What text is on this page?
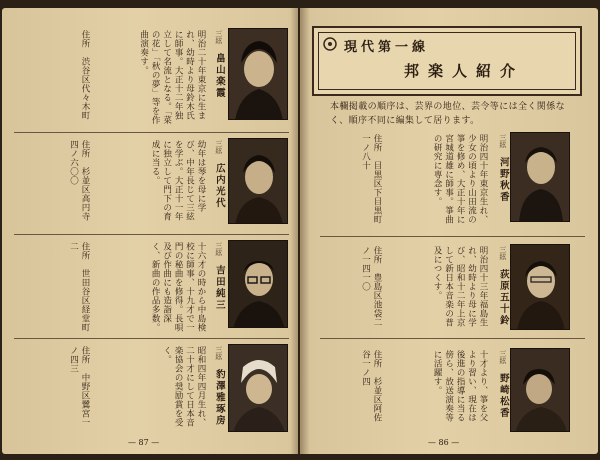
現代第一線
邦楽人紹介
本欄掲載の順序は、芸界の地位、芸令等には全く関係なく、順序不同に編集して居ります。
三絃 河野秋香
明治四十年東京生れ、少女の頃より山田流の箏を修め、大正十年に宮城道雄に師事。箏曲の研究に専念す。
住所　目黒区下目黒町一ノ八十
三絃 荻原五十鈴
明治四十三年福島生れ、幼時より母に学び、昭和十二年上京して新日本音楽の普及につくす。
住所　豊島区池袋二ノ一四一〇
三絃 野崎松香
十才より、箏を父より習い、現在は後進の指導に当る傍ら、放送演奏等に活躍す。
住所　杉並区阿佐谷一ノ四
— 86 —
三絃 畠山楽霞
明治二十年東京に生まれ、幼時より母鈴木氏に師事。大正十二年独立して名流となる。「菜の花」「秋の夢」等を作曲演奏す。
住所　渋谷区代々木町
三絃 広内光代
幼年は琴を母に学び、中年長じて三絃を学ぶ。大正十一年に独立して門下の育成に当る。
住所　杉並区高円寺四ノ六〇〇
三絃 吉田純三
十六才の時から中島検校に師事、十九才で一門の秘曲を修得。長唄及び作曲にも造詣深く、新曲の作品多数。
住所　世田谷区経堂町二
三絃 豹澤雅琢房
昭和四年四月生れ、二十才にして日本音楽協会の奨励賞を受く。
住所　中野区鷺宮一ノ四三
— 87 —
